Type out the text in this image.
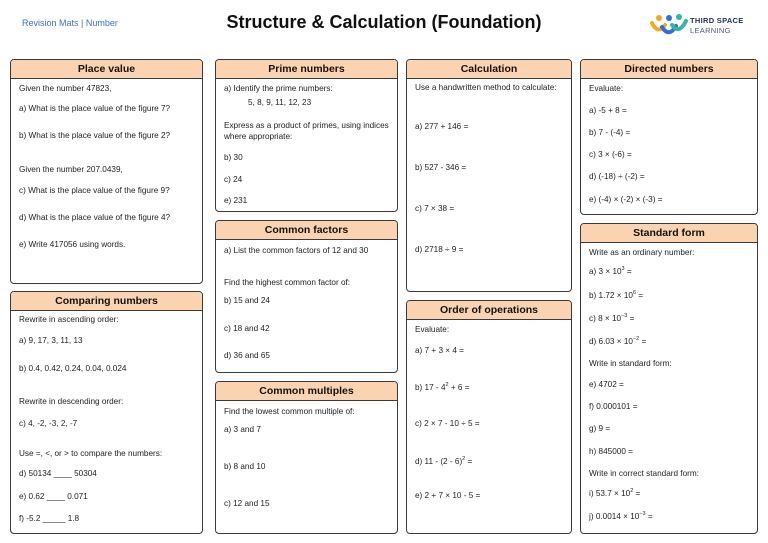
Revision Mats | Number	Structure & Calculation (Foundation)	THIRD SPACE
LEARNING
Place value
Given the number 47823,
a) What is the place value of the figure 7?
b) What is the place value of the figure 2?
Given the number 207.0439,
c) What is the place value of the figure 9?
d) What is the place value of the figure 4?
e) Write 417056 using words.
Comparing numbers
Rewrite in ascending order:
a) 9, 17, 3, 11, 13
b) 0.4, 0.42, 0.24, 0.04, 0.024
Rewrite in descending order:
c) 4, -2, -3, 2, -7
Use =, <, or > to compare the numbers:
d) 50134 ____ 50304
e) 0.62 ____ 0.071
f) -5.2 _____ 1.8
Prime numbers
a) Identify the prime numbers:
5, 8, 9, 11, 12, 23
Express as a product of primes, using indices where appropriate:
b) 30
c) 24
e) 231
Common factors
a) List the common factors of 12 and 30
Find the highest common factor of:
b) 15 and 24
c) 18 and 42
d) 36 and 65
Common multiples
Find the lowest common multiple of:
a) 3 and 7
b) 8 and 10
c) 12 and 15
Calculation
Use a handwritten method to calculate:
a) 277 + 146 =
b) 527 - 346 =
c) 7 × 38 =
d) 2718 ÷ 9 =
Order of operations
Evaluate:
a) 7 + 3 × 4 =
b) $17 - 4^2 + 6$ =
c) 2 × 7 - 10 ÷ 5 =
d) 11 - (2 - 6)$^2$ =
e) 2 + 7 × 10 - 5 =
Directed numbers
Evaluate:
a) -5 + 8 =
b) 7 - (-4) =
c) 3 × (-6) =
d) (-18) ÷ (-2) =
e) (-4) × (-2) × (-3) =
Standard form
Write as an ordinary number:
a) $3 \times 10^3$ =
b) $1.72 \times 10^6$ =
c) $8 \times 10^{-3}$ =
d) $6.03 \times 10^{-2}$ =
Write in standard form:
e) 4702 =
f) 0.000101 =
g) 9 =
h) 845000 =
Write in correct standard form:
i) $53.7 \times 10^2$ =
j) $0.0014 \times 10^{-3}$ =
